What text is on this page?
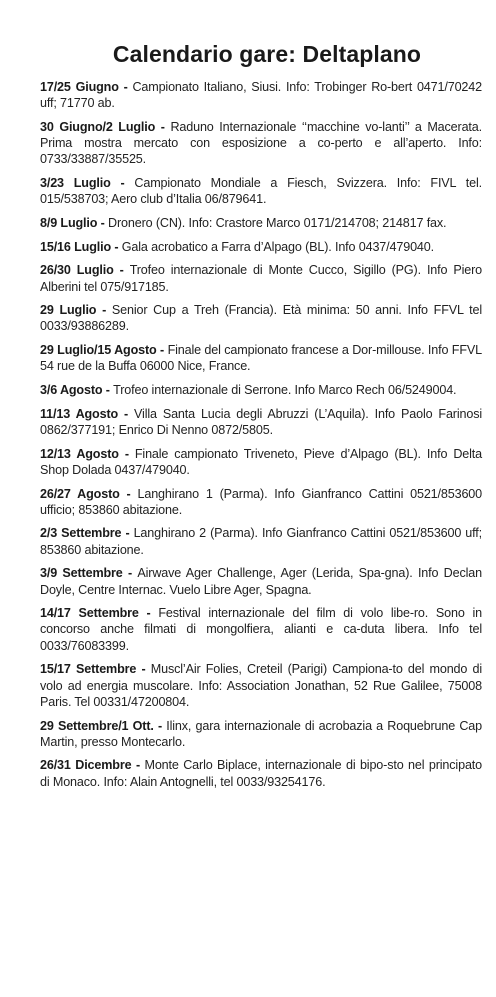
Calendario gare: Deltaplano
17/25 Giugno - Campionato Italiano, Siusi. Info: Trobinger Ro-bert 0471/70242 uff; 71770 ab.
30 Giugno/2 Luglio - Raduno Internazionale ‘‘macchine vo-lanti’’ a Macerata. Prima mostra mercato con esposizione a co-perto e all’aperto. Info: 0733/33887/35525.
3/23 Luglio - Campionato Mondiale a Fiesch, Svizzera. Info: FIVL tel. 015/538703; Aero club d’Italia 06/879641.
8/9 Luglio - Dronero (CN). Info: Crastore Marco 0171/214708; 214817 fax.
15/16 Luglio - Gala acrobatico a Farra d’Alpago (BL). Info 0437/479040.
26/30 Luglio - Trofeo internazionale di Monte Cucco, Sigillo (PG). Info Piero Alberini tel 075/917185.
29 Luglio - Senior Cup a Treh (Francia). Età minima: 50 anni. Info FFVL tel 0033/93886289.
29 Luglio/15 Agosto - Finale del campionato francese a Dor-millouse. Info FFVL 54 rue de la Buffa 06000 Nice, France.
3/6 Agosto - Trofeo internazionale di Serrone. Info Marco Rech 06/5249004.
11/13 Agosto - Villa Santa Lucia degli Abruzzi (L’Aquila). Info Paolo Farinosi 0862/377191; Enrico Di Nenno 0872/5805.
12/13 Agosto - Finale campionato Triveneto, Pieve d’Alpago (BL). Info Delta Shop Dolada 0437/479040.
26/27 Agosto - Langhirano 1 (Parma). Info Gianfranco Cattini 0521/853600 ufficio; 853860 abitazione.
2/3 Settembre - Langhirano 2 (Parma). Info Gianfranco Cattini 0521/853600 uff; 853860 abitazione.
3/9 Settembre - Airwave Ager Challenge, Ager (Lerida, Spa-gna). Info Declan Doyle, Centre Internac. Vuelo Libre Ager, Spagna.
14/17 Settembre - Festival internazionale del film di volo libe-ro. Sono in concorso anche filmati di mongolfiera, alianti e ca-duta libera. Info tel 0033/76083399.
15/17 Settembre - Muscl’Air Folies, Creteil (Parigi) Campiona-to del mondo di volo ad energia muscolare. Info: Association Jonathan, 52 Rue Galilee, 75008 Paris. Tel 00331/47200804.
29 Settembre/1 Ott. - Ilinx, gara internazionale di acrobazia a Roquebrune Cap Martin, presso Montecarlo.
26/31 Dicembre - Monte Carlo Biplace, internazionale di bipo-sto nel principato di Monaco. Info: Alain Antognelli, tel 0033/93254176.
